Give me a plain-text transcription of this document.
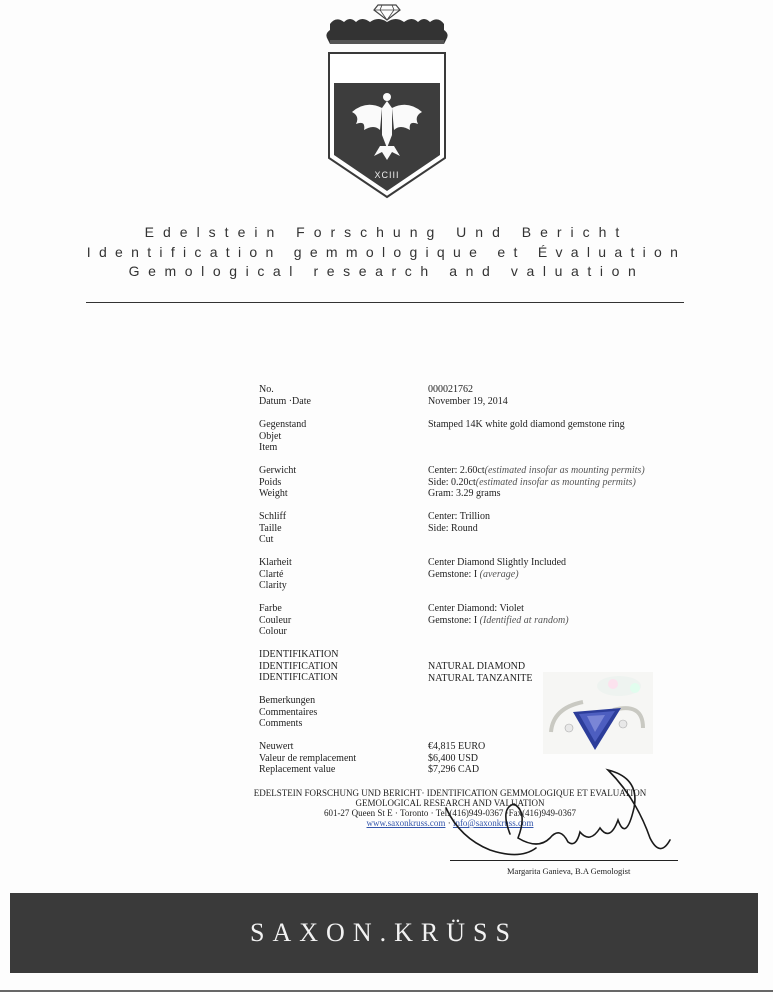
XCIII
Edelstein Forschung Und Bericht
Identification gemmologique et Évaluation
Gemological research and valuation
No.
Datum ·Date
000021762
November 19, 2014
Gegenstand
Objet
Item
Stamped 14K white gold diamond gemstone ring
Gerwicht
Poids
Weight
Center: 2.60ct(estimated insofar as mounting permits)
Side: 0.20ct(estimated insofar as mounting permits)
Gram: 3.29 grams
Schliff
Taille
Cut
Center: Trillion
Side: Round
Klarheit
Clarté
Clarity
Center Diamond Slightly Included
Gemstone: I (average)
Farbe
Couleur
Colour
Center Diamond: Violet
Gemstone: I (Identified at random)
IDENTIFIKATION
IDENTIFICATION
IDENTIFICATION
NATURAL DIAMOND
NATURAL TANZANITE
Bemerkungen
Commentaires
Comments
Neuwert
Valeur de remplacement
Replacement value
€4,815 EURO
$6,400 USD
$7,296 CAD
EDELSTEIN FORSCHUNG UND BERICHT· IDENTIFICATION GEMMOLOGIQUE ET EVALUATION
GEMOLOGICAL RESEARCH AND VALUATION
601-27 Queen St E · Toronto · Tel.(416)949-0367 ·Fax(416)949-0367
www.saxonkruss.com · info@saxonkruss.com
Margarita Ganieva, B.A Gemologist
SAXON.KRÜSS
